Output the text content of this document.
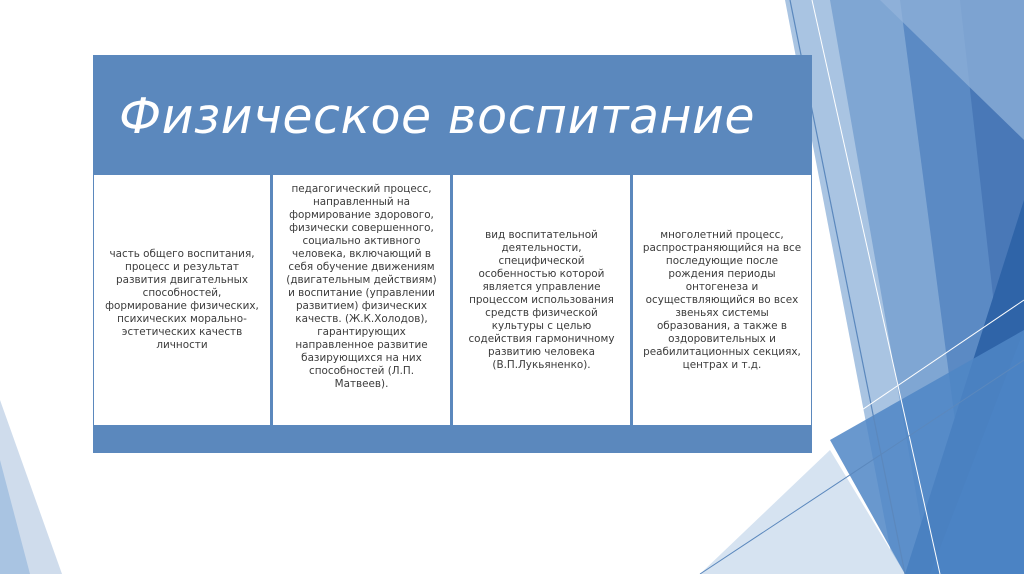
Физическое воспитание
часть общего воспитания,
процесс и результат
развития двигательных
способностей,
формирование физических,
психических морально-
эстетических качеств
личности
педагогический процесс,
направленный на
формирование здорового,
физически совершенного,
социально активного
человека, включающий в
себя обучение движениям
(двигательным действиям)
и воспитание (управлении
развитием) физических
качеств. (Ж.К.Холодов),
гарантирующих
направленное развитие
базирующихся на них
способностей (Л.П.
Матвеев).
вид воспитательной
деятельности,
специфической
особенностью которой
является управление
процессом использования
средств физической
культуры с целью
содействия гармоничному
развитию человека
(В.П.Лукьяненко).
многолетний процесс,
распространяющийся на все
последующие после
рождения периоды
онтогенеза и
осуществляющийся во всех
звеньях системы
образования, а также в
оздоровительных и
реабилитационных секциях,
центрах и т.д.
